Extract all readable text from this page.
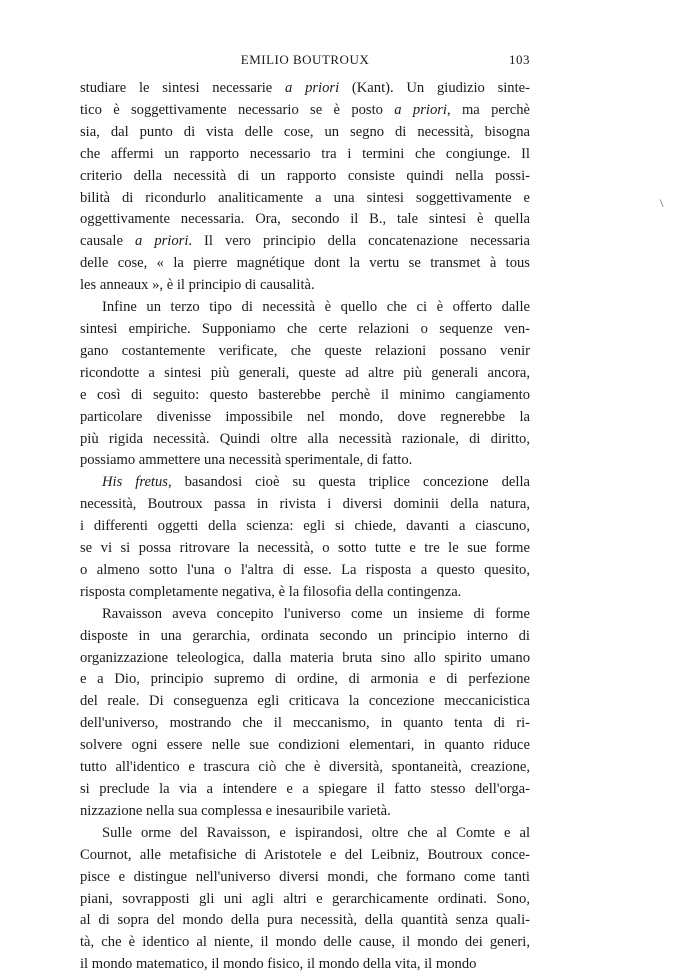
EMILIO BOUTROUX	103
studiare le sintesi necessarie a priori (Kant). Un giudizio sinte-
tico è soggettivamente necessario se è posto a priori, ma perchè
sia, dal punto di vista delle cose, un segno di necessità, bisogna
che affermi un rapporto necessario tra i termini che congiunge. Il
criterio della necessità di un rapporto consiste quindi nella possi-
bilità di ricondurlo analiticamente a una sintesi soggettivamente e
oggettivamente necessaria. Ora, secondo il B., tale sintesi è quella
causale a priori. Il vero principio della concatenazione necessaria
delle cose, « la pierre magnétique dont la vertu se transmet à tous
les anneaux », è il principio di causalità.
Infine un terzo tipo di necessità è quello che ci è offerto dalle
sintesi empiriche. Supponiamo che certe relazioni o sequenze ven-
gano costantemente verificate, che queste relazioni possano venir
ricondotte a sintesi più generali, queste ad altre più generali ancora,
e così di seguito: questo basterebbe perchè il minimo cangiamento
particolare divenisse impossibile nel mondo, dove regnerebbe la
più rigida necessità. Quindi oltre alla necessità razionale, di diritto,
possiamo ammettere una necessità sperimentale, di fatto.
His fretus, basandosi cioè su questa triplice concezione della
necessità, Boutroux passa in rivista i diversi dominii della natura,
i differenti oggetti della scienza: egli si chiede, davanti a ciascuno,
se vi si possa ritrovare la necessità, o sotto tutte e tre le sue forme
o almeno sotto l'una o l'altra di esse. La risposta a questo quesito,
risposta completamente negativa, è la filosofia della contingenza.
Ravaisson aveva concepito l'universo come un insieme di forme
disposte in una gerarchia, ordinata secondo un principio interno di
organizzazione teleologica, dalla materia bruta sino allo spirito umano
e a Dio, principio supremo di ordine, di armonia e di perfezione
del reale. Di conseguenza egli criticava la concezione meccanicistica
dell'universo, mostrando che il meccanismo, in quanto tenta di ri-
solvere ogni essere nelle sue condizioni elementari, in quanto riduce
tutto all'identico e trascura ciò che è diversità, spontaneità, creazione,
si preclude la via a intendere e a spiegare il fatto stesso dell'orga-
nizzazione nella sua complessa e inesauribile varietà.
Sulle orme del Ravaisson, e ispirandosi, oltre che al Comte e al
Cournot, alle metafisiche di Aristotele e del Leibniz, Boutroux conce-
pisce e distingue nell'universo diversi mondi, che formano come tanti
piani, sovrapposti gli uni agli altri e gerarchicamente ordinati. Sono,
al di sopra del mondo della pura necessità, della quantità senza quali-
tà, che è identico al niente, il mondo delle cause, il mondo dei generi,
il mondo matematico, il mondo fisico, il mondo della vita, il mondo
\
